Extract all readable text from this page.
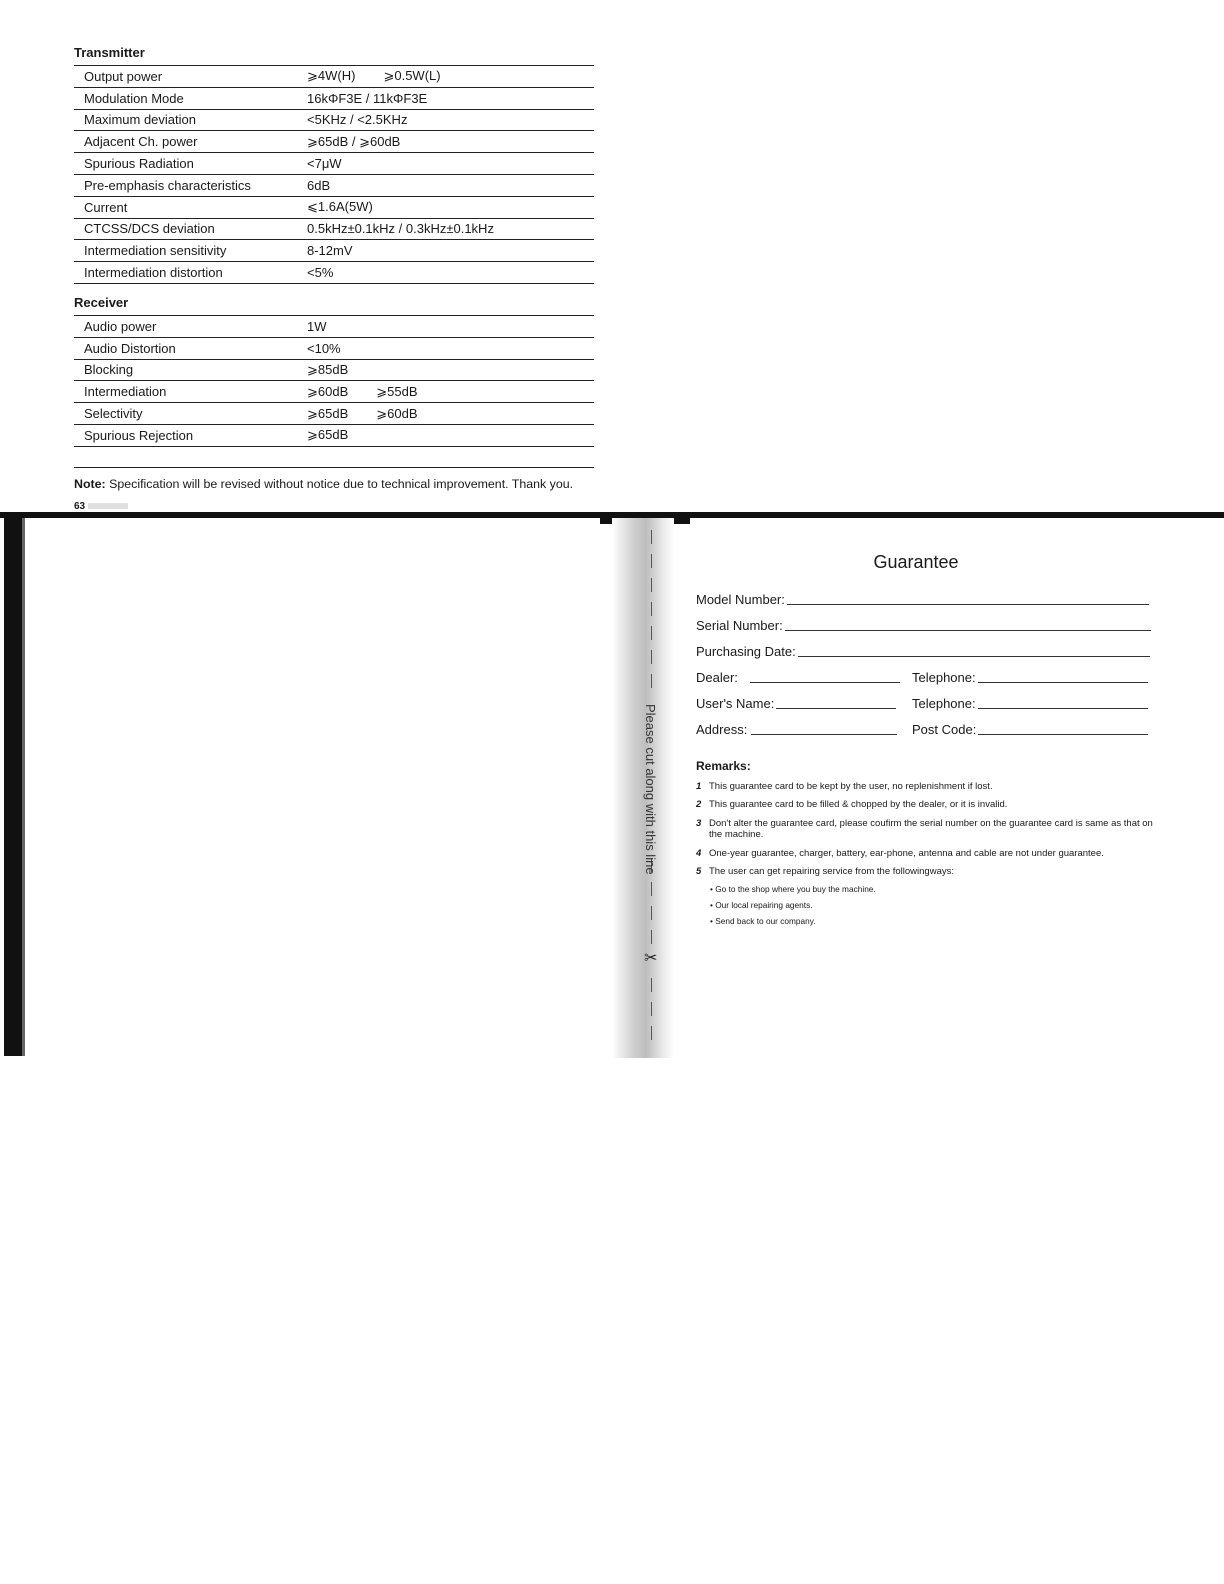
Transmitter
Output power	⩾4W(H) ⩾0.5W(L)
Modulation Mode	16kΦF3E / 11kΦF3E
Maximum deviation	<5KHz / <2.5KHz
Adjacent Ch. power	⩾65dB / ⩾60dB
Spurious Radiation	<7μW
Pre-emphasis characteristics	6dB
Current	⩽1.6A(5W)
CTCSS/DCS deviation	0.5kHz±0.1kHz / 0.3kHz±0.1kHz
Intermediation sensitivity	8-12mV
Intermediation distortion	<5%
Receiver
Audio power	1W
Audio Distortion	<10%
Blocking	⩾85dB
Intermediation	⩾60dB ⩾55dB
Selectivity	⩾65dB ⩾60dB
Spurious Rejection	⩾65dB
Note: Specification will be revised without notice due to technical improvement. Thank you.
63
Please cut along with this line
✂
Guarantee
Model Number:
Serial Number:
Purchasing Date:
Dealer:	Telephone:
User's Name:	Telephone:
Address:	Post Code:
Remarks:
1 This guarantee card to be kept by the user, no replenishment if lost.
2 This guarantee card to be filled & chopped by the dealer, or it is invalid.
3 Don't alter the guarantee card, please coufirm the serial number on the guarantee card is same as that on the machine.
4 One-year guarantee, charger, battery, ear-phone, antenna and cable are not under guarantee.
5 The user can get repairing service from the followingways:
• Go to the shop where you buy the machine.
• Our local repairing agents.
• Send back to our company.
